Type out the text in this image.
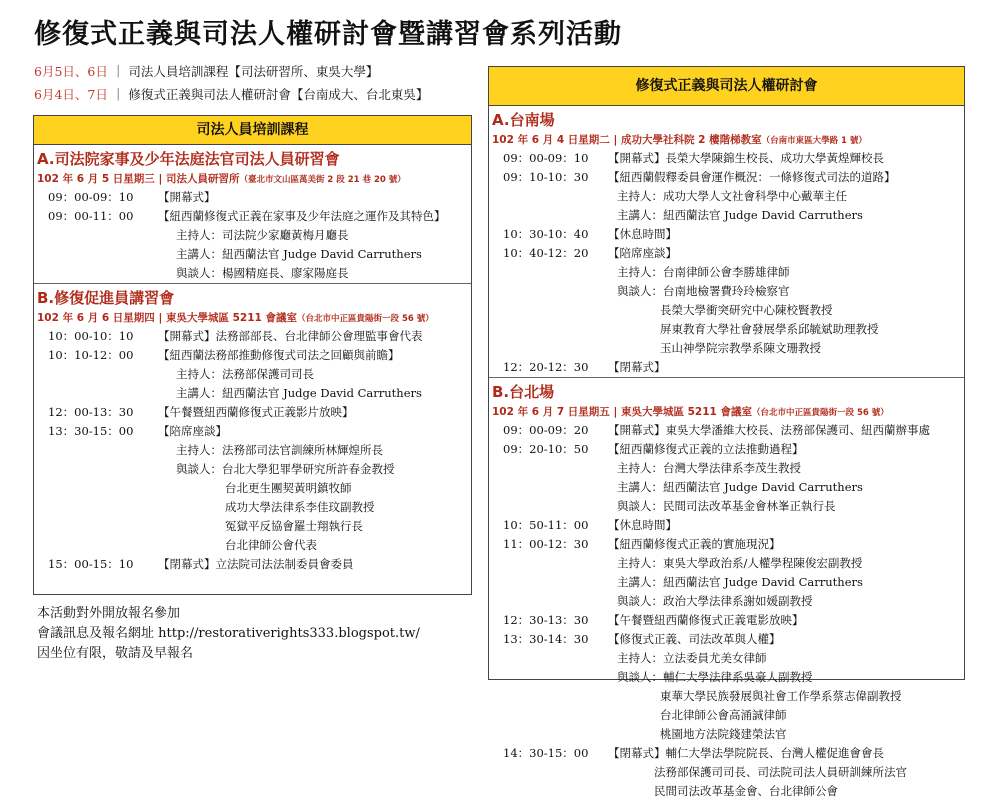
修復式正義與司法人權研討會暨講習會系列活動
6月5日、6日 ｜ 司法人員培訓課程【司法研習所、東吳大學】
6月4日、7日 ｜ 修復式正義與司法人權研討會【台南成大、台北東吳】
司法人員培訓課程
A.司法院家事及少年法庭法官司法人員研習會
102 年 6 月 5 日星期三 | 司法人員研習所（臺北市文山區萬美街 2 段 21 巷 20 號）
09：00-09：10	【開幕式】
09：00-11：00	【紐西蘭修復式正義在家事及少年法庭之運作及其特色】
主持人：司法院少家廳黃梅月廳長
主講人：紐西蘭法官 Judge David Carruthers
與談人：楊國精庭長、廖家陽庭長
B.修復促進員講習會
102 年 6 月 6 日星期四 | 東吳大學城區 5211 會議室（台北市中正區貴陽街一段 56 號）
10：00-10：10	【開幕式】法務部部長、台北律師公會理監事會代表
10：10-12：00	【紐西蘭法務部推動修復式司法之回顧與前瞻】
主持人：法務部保護司司長
主講人：紐西蘭法官 Judge David Carruthers
12：00-13：30	【午餐暨紐西蘭修復式正義影片放映】
13：30-15：00	【陪席座談】
主持人：法務部司法官訓練所林輝煌所長
與談人：台北大學犯罪學研究所許春金教授
台北更生團契黃明鎮牧師
成功大學法律系李佳玟副教授
冤獄平反協會羅士翔執行長
台北律師公會代表
15：00-15：10	【閉幕式】立法院司法法制委員會委員
修復式正義與司法人權研討會
A.台南場
102 年 6 月 4 日星期二 | 成功大學社科院 2 樓階梯教室（台南市東區大學路 1 號）
09：00-09：10	【開幕式】長榮大學陳錦生校長、成功大學黃煌輝校長
09：10-10：30	【紐西蘭假釋委員會運作概況：一條修復式司法的道路】
主持人：成功大學人文社會科學中心戴華主任
主講人：紐西蘭法官 Judge David Carruthers
10：30-10：40	【休息時間】
10：40-12：20	【陪席座談】
主持人：台南律師公會李勝雄律師
與談人：台南地檢署費玲玲檢察官
長榮大學衝突研究中心陳校賢教授
屏東教育大學社會發展學系邱毓斌助理教授
玉山神學院宗教學系陳文珊教授
12：20-12：30	【閉幕式】
B.台北場
102 年 6 月 7 日星期五 | 東吳大學城區 5211 會議室（台北市中正區貴陽街一段 56 號）
09：00-09：20	【開幕式】東吳大學潘維大校長、法務部保護司、紐西蘭辦事處
09：20-10：50	【紐西蘭修復式正義的立法推動過程】
主持人：台灣大學法律系李茂生教授
主講人：紐西蘭法官 Judge David Carruthers
與談人：民間司法改革基金會林峯正執行長
10：50-11：00	【休息時間】
11：00-12：30	【紐西蘭修復式正義的實施現況】
主持人：東吳大學政治系/人權學程陳俊宏副教授
主講人：紐西蘭法官 Judge David Carruthers
與談人：政治大學法律系謝如媛副教授
12：30-13：30	【午餐暨紐西蘭修復式正義電影放映】
13：30-14：30	【修復式正義、司法改革與人權】
主持人：立法委員尤美女律師
與談人：輔仁大學法律系吳豪人副教授
東華大學民族發展與社會工作學系蔡志偉副教授
台北律師公會高涌誠律師
桃園地方法院錢建榮法官
14：30-15：00	【閉幕式】輔仁大學法學院院長、台灣人權促進會會長
法務部保護司司長、司法院司法人員研訓練所法官
民間司法改革基金會、台北律師公會
本活動對外開放報名參加
會議訊息及報名網址 http://restorativerights333.blogspot.tw/
因坐位有限，敬請及早報名
